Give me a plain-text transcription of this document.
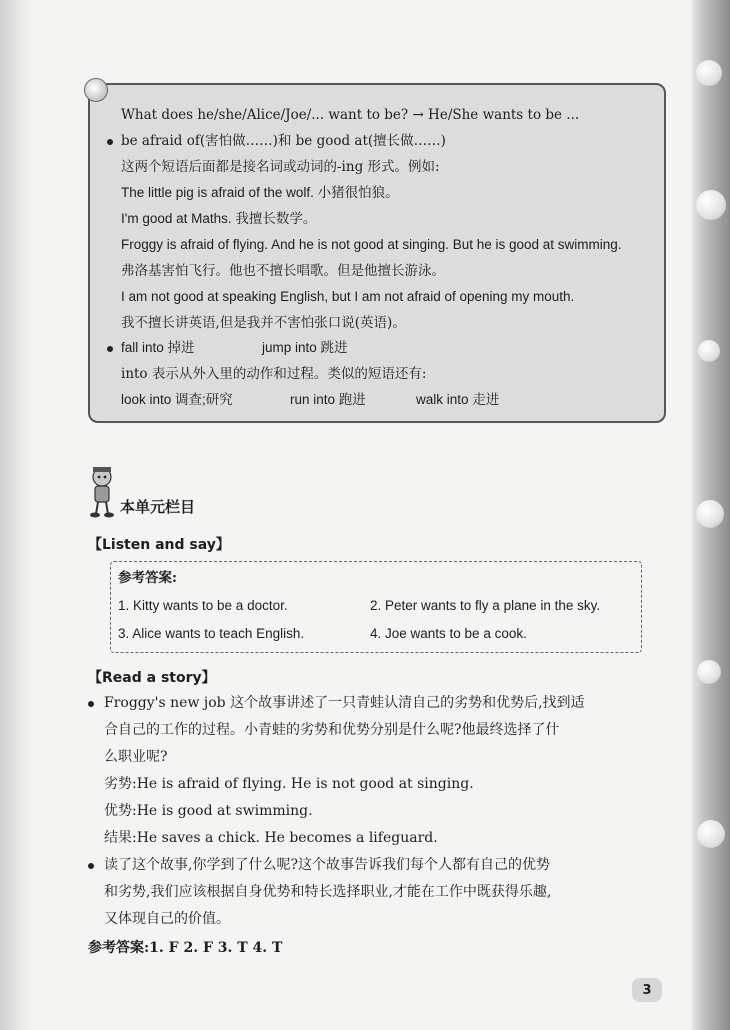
What does he/she/Alice/Joe/... want to be? → He/She wants to be ...
be afraid of(害怕做……)和 be good at(擅长做……)
这两个短语后面都是接名词或动词的-ing 形式。例如:
The little pig is afraid of the wolf. 小猪很怕狼。
I'm good at Maths. 我擅长数学。
Froggy is afraid of flying. And he is not good at singing. But he is good at swimming.
弗洛基害怕飞行。他也不擅长唱歌。但是他擅长游泳。
I am not good at speaking English, but I am not afraid of opening my mouth.
我不擅长讲英语,但是我并不害怕张口说(英语)。
fall into 掉进	jump into 跳进
into 表示从外入里的动作和过程。类似的短语还有:
look into 调查;研究	run into 跑进	walk into 走进
本单元栏目
【Listen and say】
参考答案:
1. Kitty wants to be a doctor.	2. Peter wants to fly a plane in the sky.
3. Alice wants to teach English.	4. Joe wants to be a cook.
【Read a story】
Froggy's new job 这个故事讲述了一只青蛙认清自己的劣势和优势后,找到适
合自己的工作的过程。小青蛙的劣势和优势分别是什么呢?他最终选择了什
么职业呢?
劣势:He is afraid of flying. He is not good at singing.
优势:He is good at swimming.
结果:He saves a chick. He becomes a lifeguard.
读了这个故事,你学到了什么呢?这个故事告诉我们每个人都有自己的优势
和劣势,我们应该根据自身优势和特长选择职业,才能在工作中既获得乐趣,
又体现自己的价值。
参考答案:1. F 2. F 3. T 4. T
3
